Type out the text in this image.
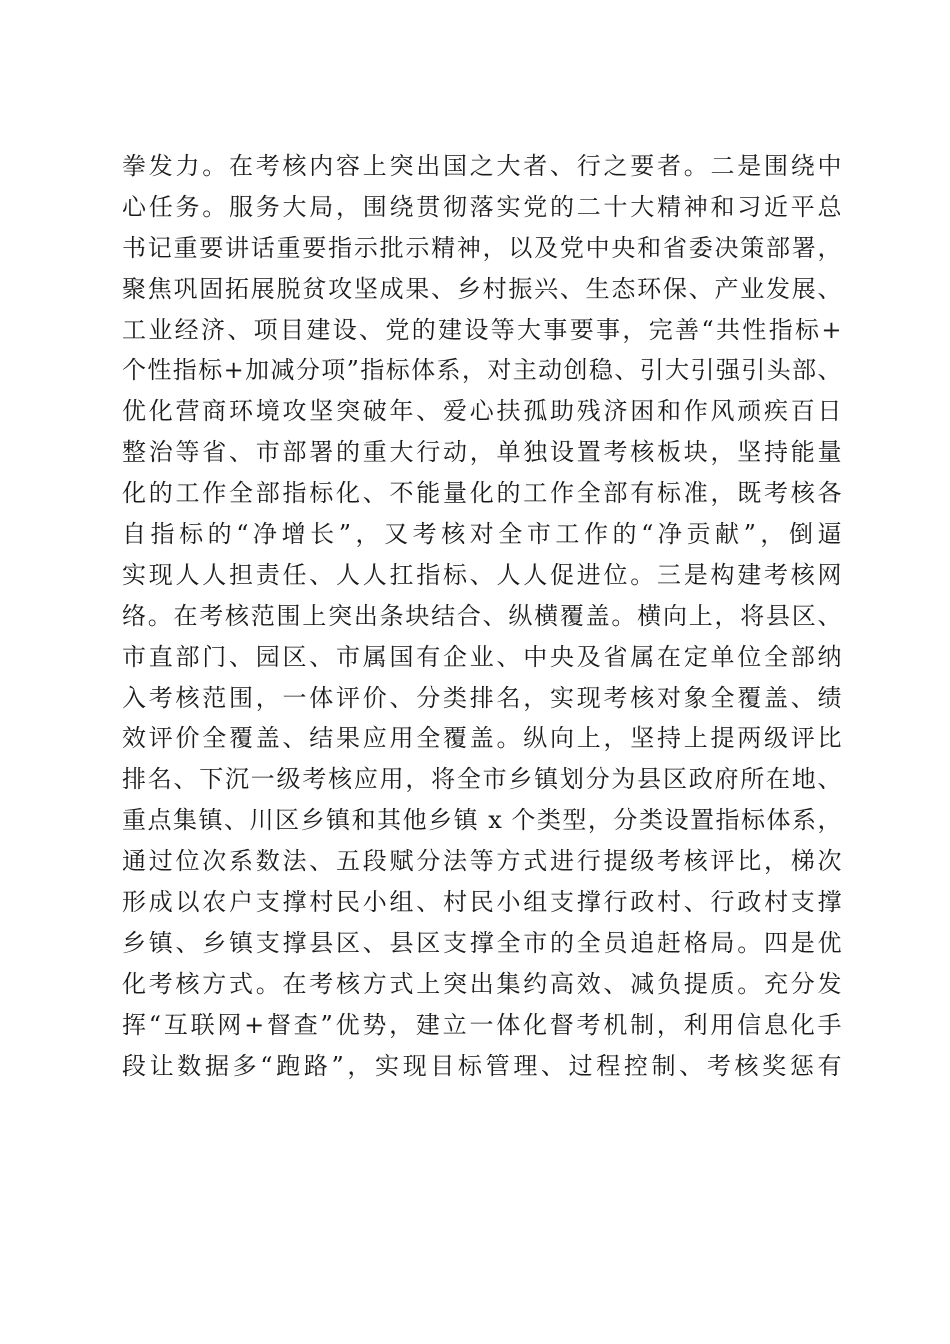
拳发力。在考核内容上突出国之大者、行之要者。二是围绕中
心任务。服务大局，围绕贯彻落实党的二十大精神和习近平总
书记重要讲话重要指示批示精神，以及党中央和省委决策部署，
聚焦巩固拓展脱贫攻坚成果、乡村振兴、生态环保、产业发展、
工业经济、项目建设、党的建设等大事要事，完善“共性指标+
个性指标+加减分项”指标体系，对主动创稳、引大引强引头部、
优化营商环境攻坚突破年、爱心扶孤助残济困和作风顽疾百日
整治等省、市部署的重大行动，单独设置考核板块，坚持能量
化的工作全部指标化、不能量化的工作全部有标准，既考核各
自指标的“净增长”，又考核对全市工作的“净贡献”，倒逼
实现人人担责任、人人扛指标、人人促进位。三是构建考核网
络。在考核范围上突出条块结合、纵横覆盖。横向上，将县区、
市直部门、园区、市属国有企业、中央及省属在定单位全部纳
入考核范围，一体评价、分类排名，实现考核对象全覆盖、绩
效评价全覆盖、结果应用全覆盖。纵向上，坚持上提两级评比
排名、下沉一级考核应用，将全市乡镇划分为县区政府所在地、
重点集镇、川区乡镇和其他乡镇 x 个类型，分类设置指标体系，
通过位次系数法、五段赋分法等方式进行提级考核评比，梯次
形成以农户支撑村民小组、村民小组支撑行政村、行政村支撑
乡镇、乡镇支撑县区、县区支撑全市的全员追赶格局。四是优
化考核方式。在考核方式上突出集约高效、减负提质。充分发
挥“互联网+督查”优势，建立一体化督考机制，利用信息化手
段让数据多“跑路”，实现目标管理、过程控制、考核奖惩有
